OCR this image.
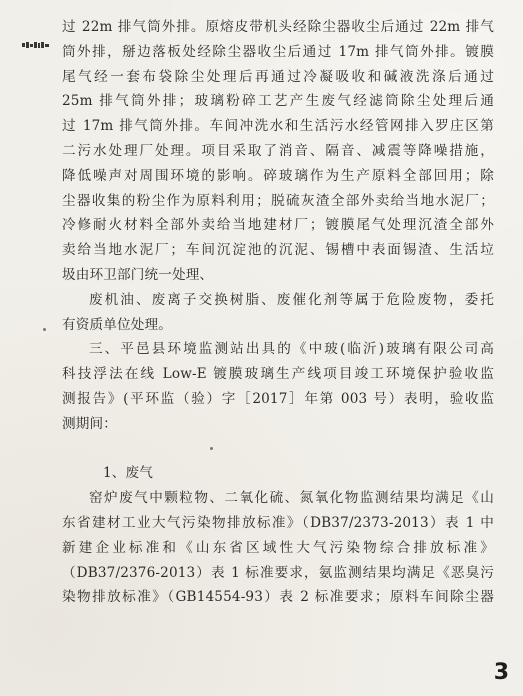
过 22m 排气筒外排。原熔皮带机头经除尘器收尘后通过 22m 排气
筒外排，掰边落板处经除尘器收尘后通过 17m 排气筒外排。镀膜
尾气经一套布袋除尘处理后再通过冷凝吸收和碱液洗涤后通过
25m 排气筒外排；玻璃粉碎工艺产生废气经滤筒除尘处理后通
过 17m 排气筒外排。车间冲洗水和生活污水经管网排入罗庄区第
二污水处理厂处理。项目采取了消音、隔音、减震等降噪措施，
降低噪声对周围环境的影响。碎玻璃作为生产原料全部回用；除
尘器收集的粉尘作为原料利用；脱硫灰渣全部外卖给当地水泥厂；
冷修耐火材料全部外卖给当地建材厂；镀膜尾气处理沉渣全部外
卖给当地水泥厂；车间沉淀池的沉泥、锡槽中表面锡渣、生活垃
圾由环卫部门统一处理、
废机油、废离子交换树脂、废催化剂等属于危险废物，委托
有资质单位处理。
三、平邑县环境监测站出具的《中玻(临沂)玻璃有限公司高
科技浮法在线 Low-E 镀膜玻璃生产线项目竣工环境保护验收监
测报告》(平环监（验）字［2017］年第 003 号）表明，验收监
测期间：
1、废气
窑炉废气中颗粒物、二氧化硫、氮氧化物监测结果均满足《山
东省建材工业大气污染物排放标准》（DB37/2373-2013）表 1 中
新建企业标准和《山东省区域性大气污染物综合排放标准》
（DB37/2376-2013）表 1 标准要求，氨监测结果均满足《恶臭污
染物排放标准》（GB14554-93）表 2 标准要求；原料车间除尘器
3
